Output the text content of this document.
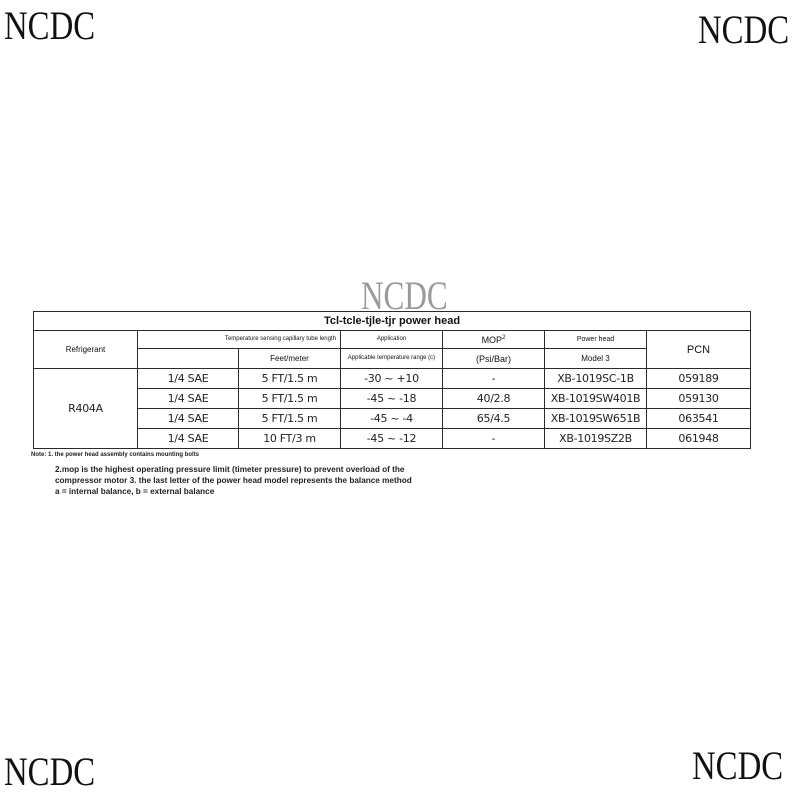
NCDC	NCDC
NCDC
NCDC	NCDC
Tcl-tcle-tjle-tjr power head						
Refrigerant	Temperature sensing capillary tube length		Application	MOP$^2$	Power head	PCN
		Feet/meter	Applicable temperature range (c)	(Psi/Bar)	Model 3	
R404A	1/4 SAE	5 FT/1.5 m	-30 ~ +10	-	XB-1019SC-1B	059189
	1/4 SAE	5 FT/1.5 m	-45 ~ -18	40/2.8	XB-1019SW401B	059130
	1/4 SAE	5 FT/1.5 m	-45 ~ -4	65/4.5	XB-1019SW651B	063541
	1/4 SAE	10 FT/3 m	-45 ~ -12	-	XB-1019SZ2B	061948
Note: 1. the power head assembly contains mounting bolts
2.mop is the highest operating pressure limit (timeter pressure) to prevent overload of the compressor motor 3. the last letter of the power head model represents the balance method a = internal balance, b = external balance
